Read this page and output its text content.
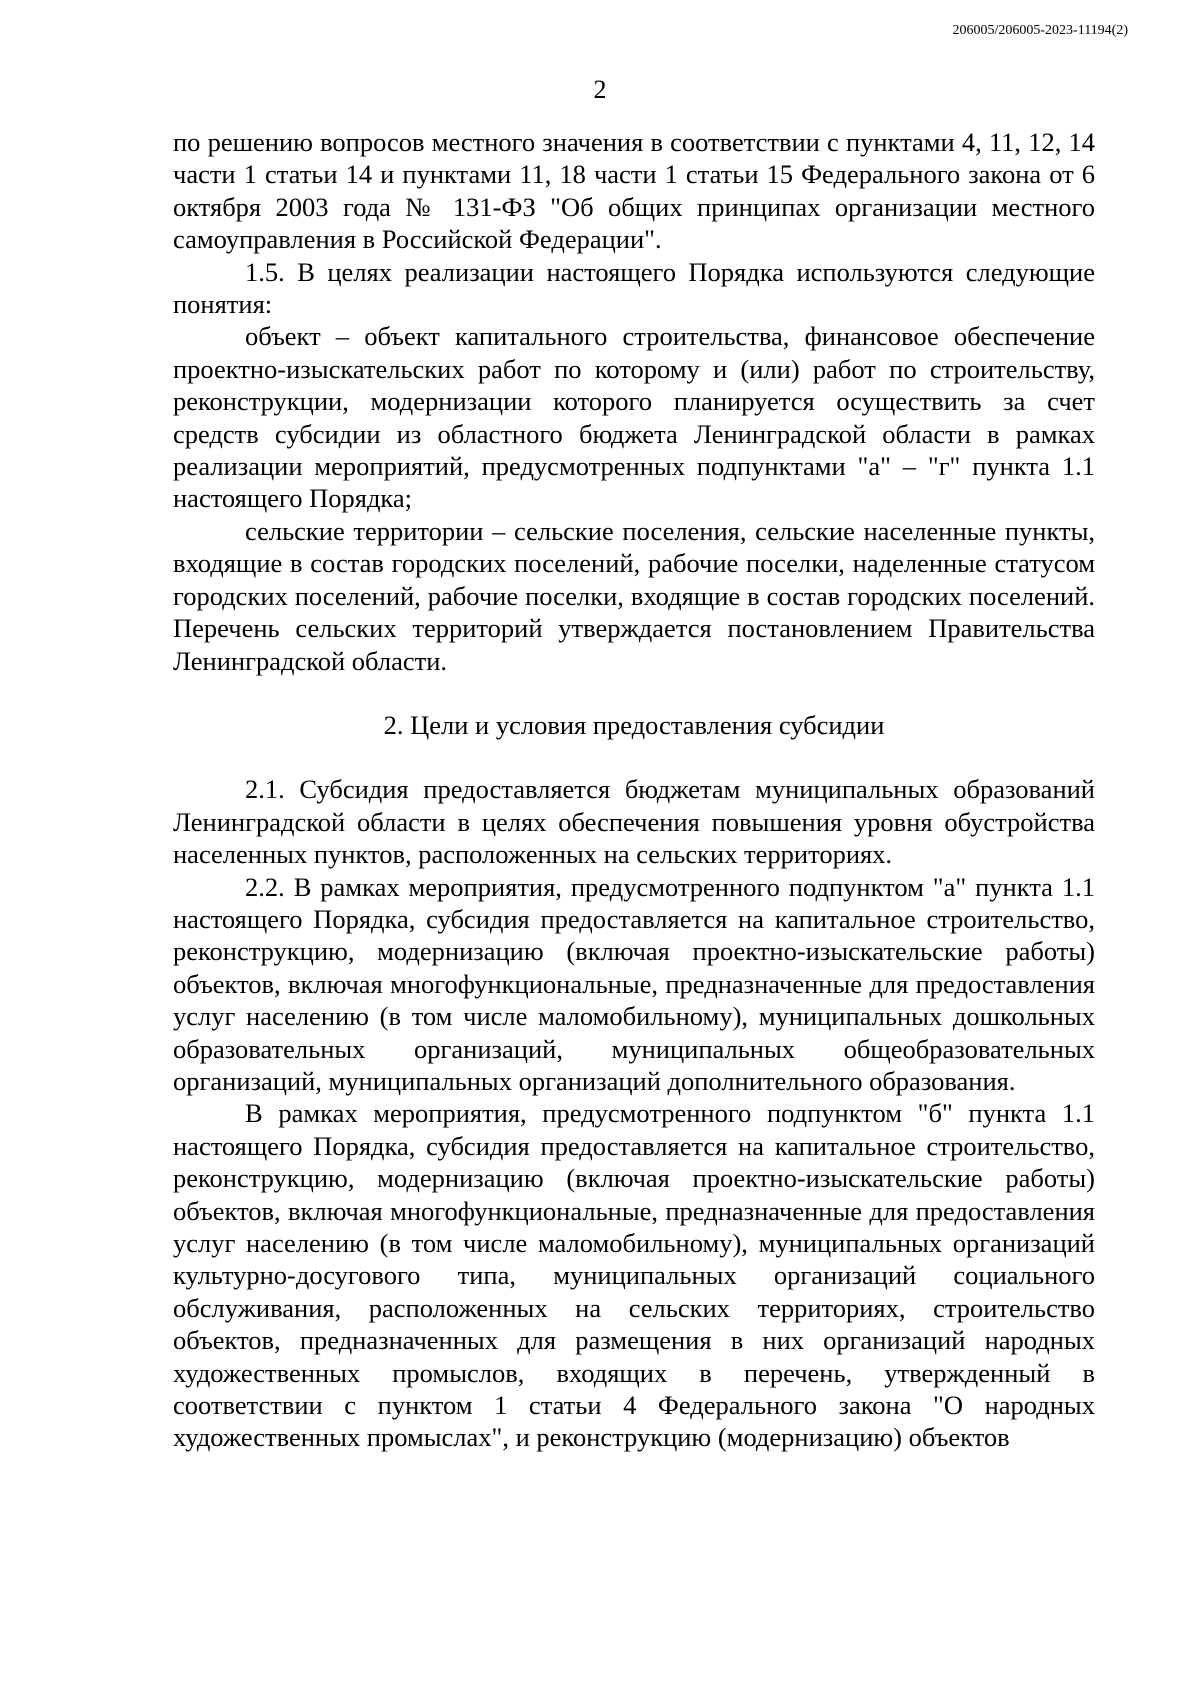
206005/206005-2023-11194(2)
2

по решению вопросов местного значения в соответствии с пунктами 4, 11, 12, 14 части 1 статьи 14 и пунктами 11, 18 части 1 статьи 15 Федерального закона от 6 октября 2003 года № 131-ФЗ "Об общих принципах организации местного самоуправления в Российской Федерации".

1.5. В целях реализации настоящего Порядка используются следующие понятия:

объект – объект капитального строительства, финансовое обеспечение проектно-изыскательских работ по которому и (или) работ по строительству, реконструкции, модернизации которого планируется осуществить за счет средств субсидии из областного бюджета Ленинградской области в рамках реализации мероприятий, предусмотренных подпунктами "а" – "г" пункта 1.1 настоящего Порядка;

сельские территории – сельские поселения, сельские населенные пункты, входящие в состав городских поселений, рабочие поселки, наделенные статусом городских поселений, рабочие поселки, входящие в состав городских поселений. Перечень сельских территорий утверждается постановлением Правительства Ленинградской области.

2. Цели и условия предоставления субсидии

2.1. Субсидия предоставляется бюджетам муниципальных образований Ленинградской области в целях обеспечения повышения уровня обустройства населенных пунктов, расположенных на сельских территориях.

2.2. В рамках мероприятия, предусмотренного подпунктом "а" пункта 1.1 настоящего Порядка, субсидия предоставляется на капитальное строительство, реконструкцию, модернизацию (включая проектно-изыскательские работы) объектов, включая многофункциональные, предназначенные для предоставления услуг населению (в том числе маломобильному), муниципальных дошкольных образовательных организаций, муниципальных общеобразовательных организаций, муниципальных организаций дополнительного образования.

В рамках мероприятия, предусмотренного подпунктом "б" пункта 1.1 настоящего Порядка, субсидия предоставляется на капитальное строительство, реконструкцию, модернизацию (включая проектно-изыскательские работы) объектов, включая многофункциональные, предназначенные для предоставления услуг населению (в том числе маломобильному), муниципальных организаций культурно-досугового типа, муниципальных организаций социального обслуживания, расположенных на сельских территориях, строительство объектов, предназначенных для размещения в них организаций народных художественных промыслов, входящих в перечень, утвержденный в соответствии с пунктом 1 статьи 4 Федерального закона "О народных художественных промыслах", и реконструкцию (модернизацию) объектов
